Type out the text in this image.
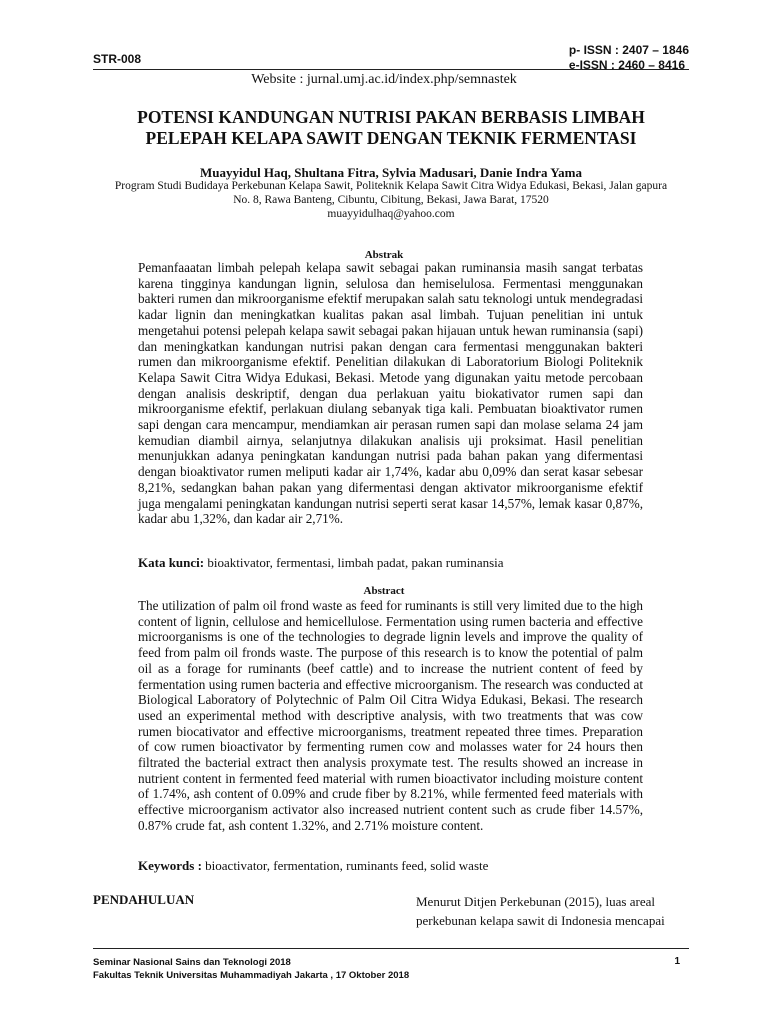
STR-008
p- ISSN : 2407 – 1846
e-ISSN : 2460 – 8416
Website : jurnal.umj.ac.id/index.php/semnastek
POTENSI KANDUNGAN NUTRISI PAKAN BERBASIS LIMBAH
PELEPAH KELAPA SAWIT DENGAN TEKNIK FERMENTASI
Muayyidul Haq, Shultana Fitra, Sylvia Madusari, Danie Indra Yama
Program Studi Budidaya Perkebunan Kelapa Sawit, Politeknik Kelapa Sawit Citra Widya Edukasi, Bekasi, Jalan gapura
No. 8, Rawa Banteng, Cibuntu, Cibitung, Bekasi, Jawa Barat, 17520
muayyidulhaq@yahoo.com
Abstrak
Pemanfaaatan limbah pelepah kelapa sawit sebagai pakan ruminansia masih sangat terbatas karena tingginya kandungan lignin, selulosa dan hemiselulosa. Fermentasi menggunakan bakteri rumen dan mikroorganisme efektif merupakan salah satu teknologi untuk mendegradasi kadar lignin dan meningkatkan kualitas pakan asal limbah. Tujuan penelitian ini untuk mengetahui potensi pelepah kelapa sawit sebagai pakan hijauan untuk hewan ruminansia (sapi) dan meningkatkan kandungan nutrisi pakan dengan cara fermentasi menggunakan bakteri rumen dan mikroorganisme efektif. Penelitian dilakukan di Laboratorium Biologi Politeknik Kelapa Sawit Citra Widya Edukasi, Bekasi. Metode yang digunakan yaitu metode percobaan dengan analisis deskriptif, dengan dua perlakuan yaitu biokativator rumen sapi dan mikroorganisme efektif, perlakuan diulang sebanyak tiga kali. Pembuatan bioaktivator rumen sapi dengan cara mencampur, mendiamkan air perasan rumen sapi dan molase selama 24 jam kemudian diambil airnya, selanjutnya dilakukan analisis uji proksimat. Hasil penelitian menunjukkan adanya peningkatan kandungan nutrisi pada bahan pakan yang difermentasi dengan bioaktivator rumen meliputi kadar air 1,74%, kadar abu 0,09% dan serat kasar sebesar 8,21%, sedangkan bahan pakan yang difermentasi dengan aktivator mikroorganisme efektif juga mengalami peningkatan kandungan nutrisi seperti serat kasar 14,57%, lemak kasar 0,87%, kadar abu 1,32%, dan kadar air 2,71%.
Kata kunci: bioaktivator, fermentasi, limbah padat, pakan ruminansia
Abstract
The utilization of palm oil frond waste as feed for ruminants is still very limited due to the high content of lignin, cellulose and hemicellulose. Fermentation using rumen bacteria and effective microorganisms is one of the technologies to degrade lignin levels and improve the quality of feed from palm oil fronds waste. The purpose of this research is to know the potential of palm oil as a forage for ruminants (beef cattle) and to increase the nutrient content of feed by fermentation using rumen bacteria and effective microorganism. The research was conducted at Biological Laboratory of Polytechnic of Palm Oil Citra Widya Edukasi, Bekasi. The research used an experimental method with descriptive analysis, with two treatments that was cow rumen biocativator and effective microorganisms, treatment repeated three times. Preparation of cow rumen bioactivator by fermenting rumen cow and molasses water for 24 hours then filtrated the bacterial extract then analysis proxymate test. The results showed an increase in nutrient content in fermented feed material with rumen bioactivator including moisture content of 1.74%, ash content of 0.09% and crude fiber by 8.21%, while fermented feed materials with effective microorganism activator also increased nutrient content such as crude fiber 14.57%, 0.87% crude fat, ash content 1.32%, and 2.71% moisture content.
Keywords : bioactivator, fermentation, ruminants feed, solid waste
PENDAHULUAN	Menurut Ditjen Perkebunan (2015), luas areal
perkebunan kelapa sawit di Indonesia mencapai
Seminar Nasional Sains dan Teknologi 2018
Fakultas Teknik Universitas Muhammadiyah Jakarta , 17 Oktober 2018
1
